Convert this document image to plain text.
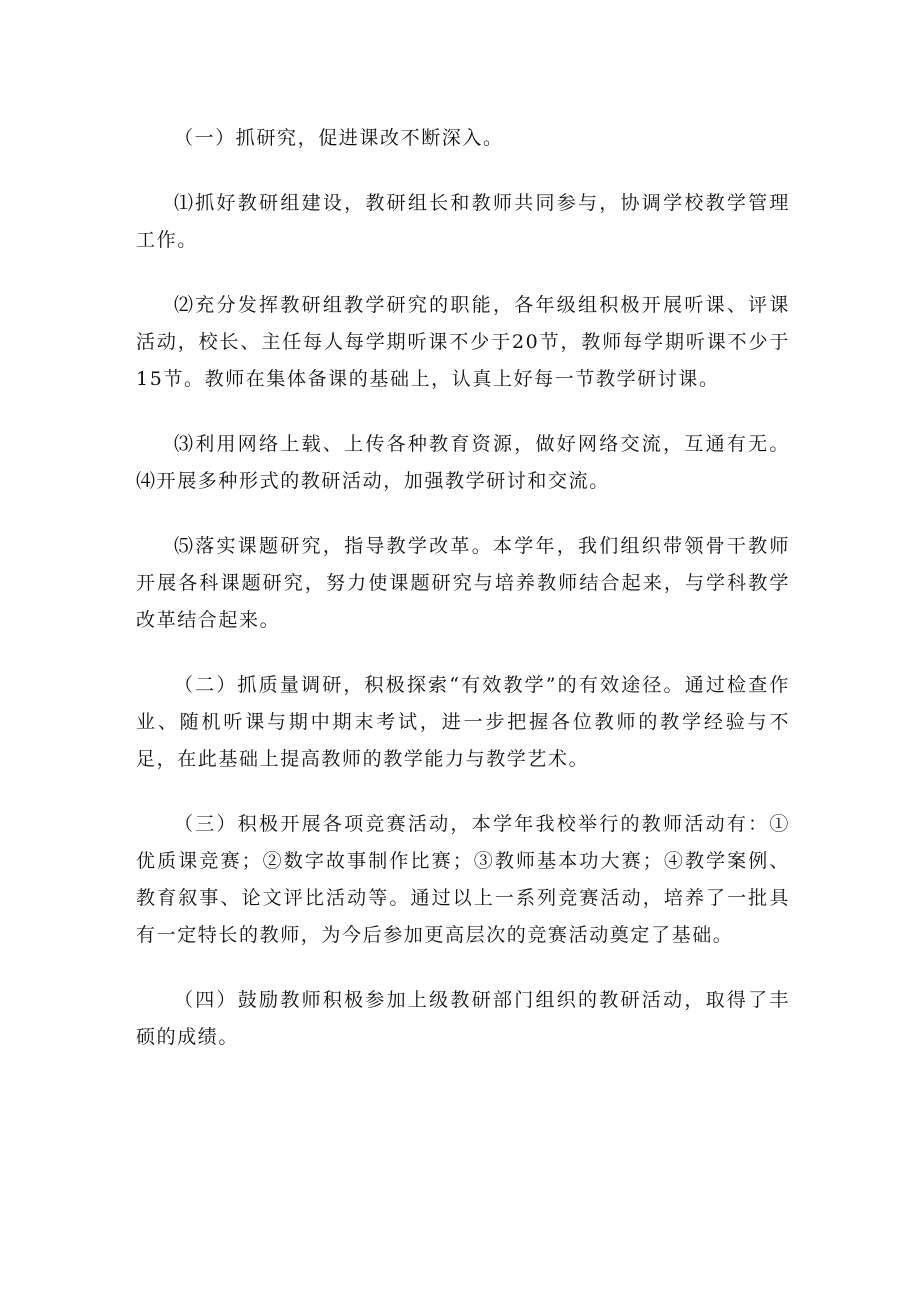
（一）抓研究，促进课改不断深入。

⑴抓好教研组建设，教研组长和教师共同参与，协调学校教学管理工作。

⑵充分发挥教研组教学研究的职能，各年级组积极开展听课、评课活动，校长、主任每人每学期听课不少于20节，教师每学期听课不少于15节。教师在集体备课的基础上，认真上好每一节教学研讨课。

⑶利用网络上载、上传各种教育资源，做好网络交流，互通有无。⑷开展多种形式的教研活动，加强教学研讨和交流。

⑸落实课题研究，指导教学改革。本学年，我们组织带领骨干教师开展各科课题研究，努力使课题研究与培养教师结合起来，与学科教学改革结合起来。

（二）抓质量调研，积极探索“有效教学”的有效途径。通过检查作业、随机听课与期中期末考试，进一步把握各位教师的教学经验与不足，在此基础上提高教师的教学能力与教学艺术。

（三）积极开展各项竞赛活动，本学年我校举行的教师活动有：①优质课竞赛；②数字故事制作比赛；③教师基本功大赛；④教学案例、教育叙事、论文评比活动等。通过以上一系列竞赛活动，培养了一批具有一定特长的教师，为今后参加更高层次的竞赛活动奠定了基础。

（四）鼓励教师积极参加上级教研部门组织的教研活动，取得了丰硕的成绩。
